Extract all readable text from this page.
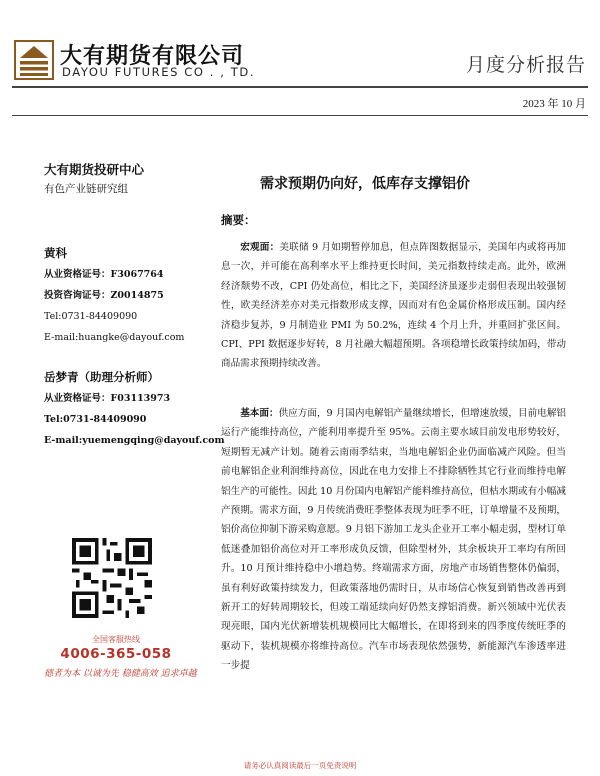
大有期货有限公司
DAYOU FUTURES CO . , TD.	月度分析报告
2023 年 10 月
大有期货投研中心
有色产业链研究组
黄科
从业资格证号：F3067764
投资咨询证号：Z0014875
Tel:0731-84409090
E-mail:huangke@dayouf.com
岳梦青（助理分析师）
从业资格证号：F03113973
Tel:0731-84409090
E-mail:yuemengqing@dayouf.com
全国客服热线
4006-365-058
德者为本 以诚为先 稳健高效 追求卓越
需求预期仍向好，低库存支撑铝价
摘要：
宏观面：美联储 9 月如期暂停加息，但点阵图数据显示，美国年内或将再加息一次，并可能在高利率水平上维持更长时间，美元指数持续走高。此外，欧洲经济颓势不改，CPI 仍处高位，相比之下，美国经济虽逐步走弱但表现出较强韧性，欧美经济差亦对美元指数形成支撑，因而对有色金属价格形成压制。国内经济稳步复苏，9 月制造业 PMI 为 50.2%，连续 4 个月上升，并重回扩张区间。CPI、PPI 数据逐步好转，8 月社融大幅超预期。各项稳增长政策持续加码，带动商品需求预期持续改善。
基本面：供应方面，9 月国内电解铝产量继续增长，但增速放缓，目前电解铝运行产能维持高位，产能利用率提升至 95%。云南主要水域目前发电形势较好，短期暂无减产计划。随着云南雨季结束，当地电解铝企业仍面临减产风险。但当前电解铝企业利润维持高位，因此在电力安排上不排除牺牲其它行业而维持电解铝生产的可能性。因此 10 月份国内电解铝产能料维持高位，但枯水期或有小幅减产预期。需求方面，9 月传统消费旺季整体表现为旺季不旺，订单增量不及预期，铝价高位抑制下游采购意愿。9 月铝下游加工龙头企业开工率小幅走弱，型材订单低迷叠加铝价高位对开工率形成负反馈，但除型材外，其余板块开工率均有所回升。10 月预计维持稳中小增趋势。终端需求方面，房地产市场销售整体仍偏弱，虽有利好政策持续发力，但政策落地仍需时日，从市场信心恢复到销售改善再到新开工的好转周期较长，但竣工端延续向好仍然支撑铝消费。新兴领域中光伏表现亮眼，国内光伏新增装机规模同比大幅增长，在即将到来的四季度传统旺季的驱动下，装机规模亦将维持高位。汽车市场表现依然强势，新能源汽车渗透率进一步提
请务必认真阅读最后一页免责说明
